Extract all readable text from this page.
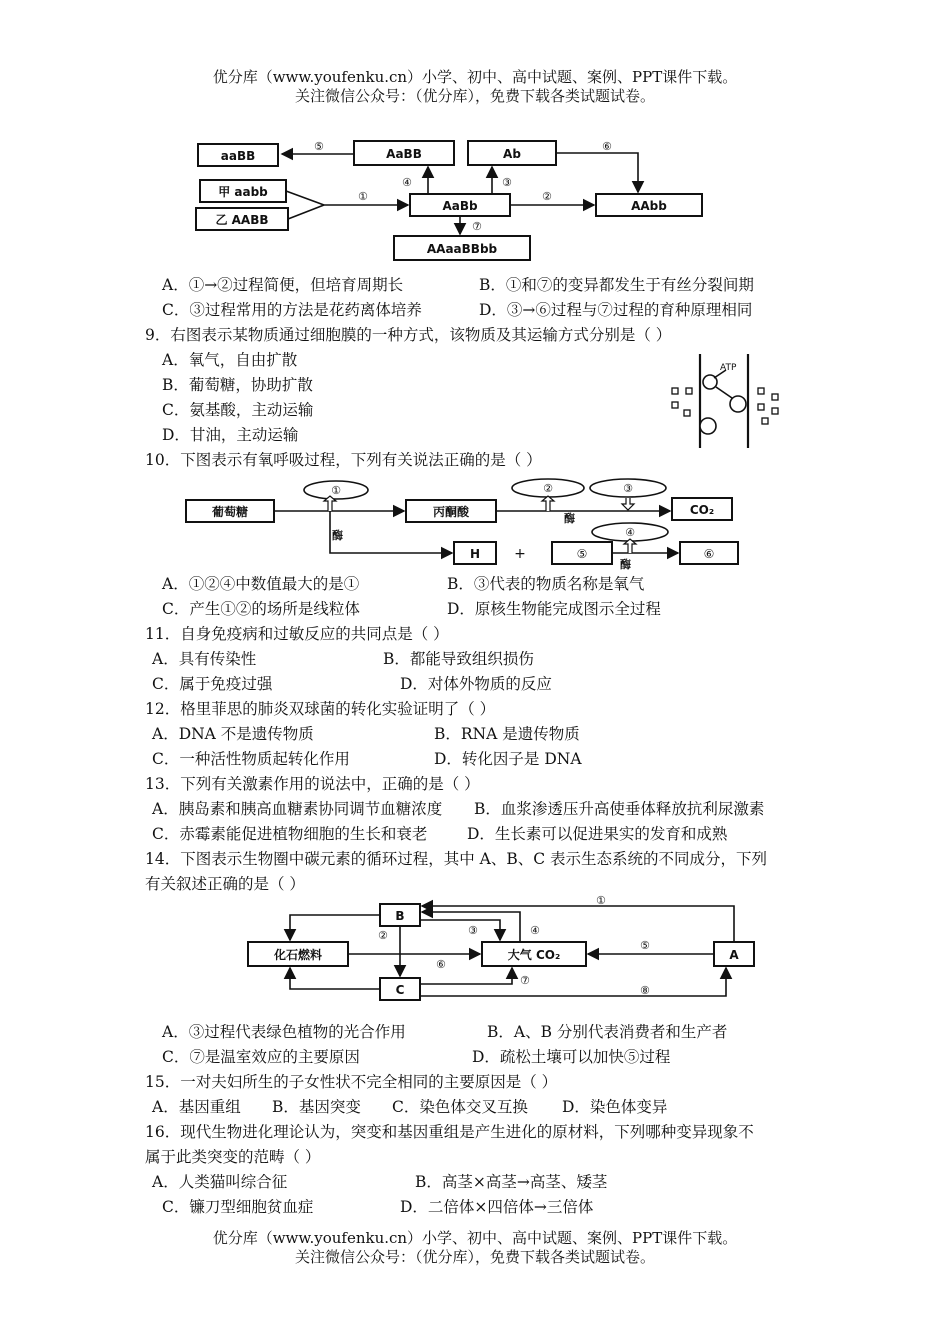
优分库（www.youfenku.cn）小学、初中、高中试题、案例、PPT课件下载。
关注微信公众号：（优分库），免费下载各类试题试卷。
aaBB	AaBB	Ab
甲 aabb
乙 AABB
AaBb	AAbb
AAaaBBbb
①
④	③
⑤	⑥
②
⑦
A．①→②过程简便，但培育周期长	B．①和⑦的变异都发生于有丝分裂间期
C．③过程常用的方法是花药离体培养	D．③→⑥过程与⑦过程的育种原理相同
9．右图表示某物质通过细胞膜的一种方式，该物质及其运输方式分别是（ ）
A．氧气，自由扩散
B．葡萄糖，协助扩散
C．氨基酸，主动运输
D．甘油，主动运输
ATP
10．下图表示有氧呼吸过程，下列有关说法正确的是（ ）
葡萄糖	丙酮酸	CO₂
H +	⑤	⑥
①	②	③
④
酶
酶
酶
A．①②④中数值最大的是①	B．③代表的物质名称是氧气
C．产生①②的场所是线粒体	D．原核生物能完成图示全过程
11．自身免疫病和过敏反应的共同点是（ ）
A．具有传染性	B．都能导致组织损伤
C．属于免疫过强	D．对体外物质的反应
12．格里菲思的肺炎双球菌的转化实验证明了（ ）
A．DNA 不是遗传物质	B．RNA 是遗传物质
C．一种活性物质起转化作用	D．转化因子是 DNA
13．下列有关激素作用的说法中，正确的是（ ）
A．胰岛素和胰高血糖素协同调节血糖浓度 B．血浆渗透压升高使垂体释放抗利尿激素
C．赤霉素能促进植物细胞的生长和衰老	D．生长素可以促进果实的发育和成熟
14．下图表示生物圈中碳元素的循环过程，其中 A、B、C 表示生态系统的不同成分，下列
有关叙述正确的是（ ）
B
化石燃料	大气 CO₂	A
C
①
②	③	④
⑤
⑥
⑦
⑧
A．③过程代表绿色植物的光合作用	B．A、B 分别代表消费者和生产者
C．⑦是温室效应的主要原因	D．疏松土壤可以加快⑤过程
15．一对夫妇所生的子女性状不完全相同的主要原因是（ ）
A．基因重组 B．基因突变 C．染色体交叉互换 D．染色体变异
16．现代生物进化理论认为，突变和基因重组是产生进化的原材料，下列哪种变异现象不
属于此类突变的范畴（ ）
A．人类猫叫综合征	B．高茎×高茎→高茎、矮茎
C．镰刀型细胞贫血症	D．二倍体×四倍体→三倍体
优分库（www.youfenku.cn）小学、初中、高中试题、案例、PPT课件下载。
关注微信公众号：（优分库），免费下载各类试题试卷。
